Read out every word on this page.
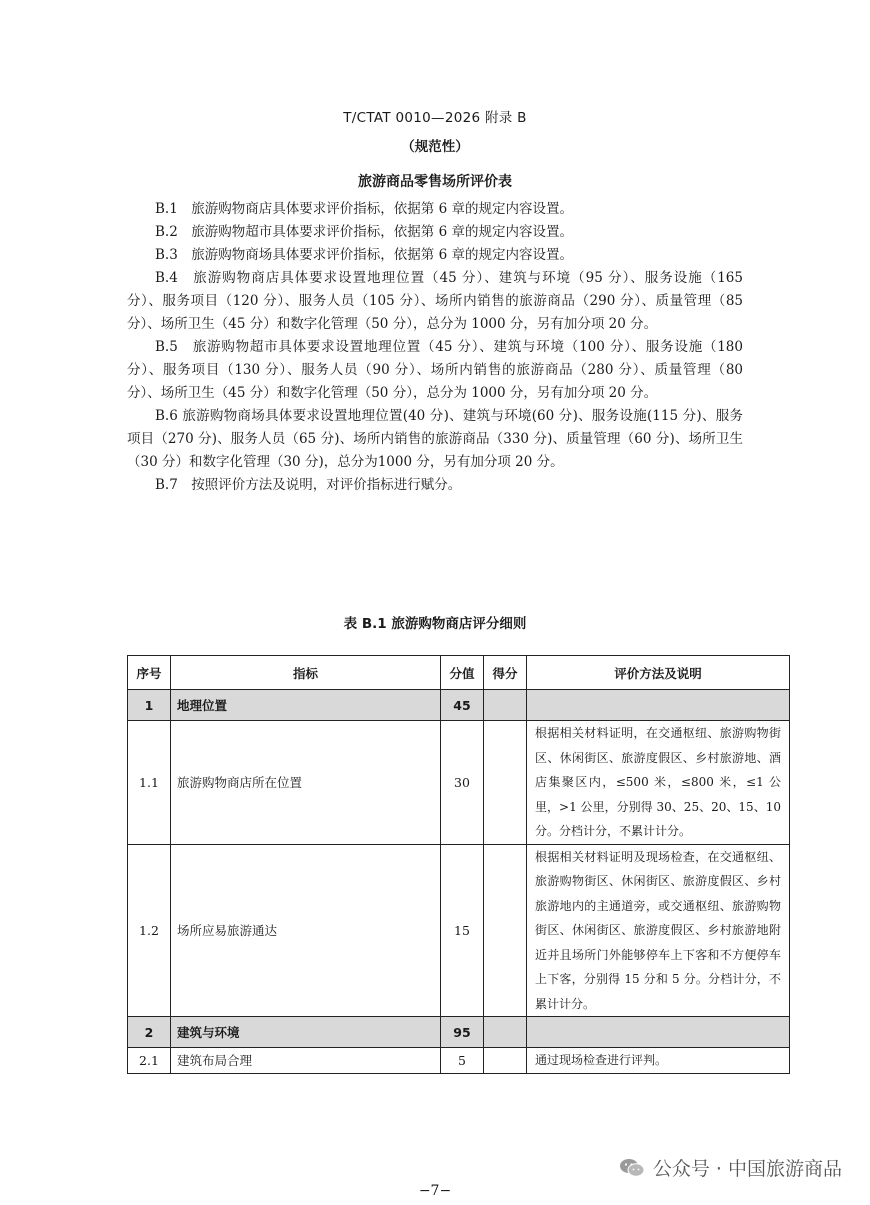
T/CTAT 0010—2026 附录 B
（规范性）
旅游商品零售场所评价表

B.1　旅游购物商店具体要求评价指标，依据第 6 章的规定内容设置。

B.2　旅游购物超市具体要求评价指标，依据第 6 章的规定内容设置。

B.3　旅游购物商场具体要求评价指标，依据第 6 章的规定内容设置。

B.4　旅游购物商店具体要求设置地理位置（45 分）、建筑与环境（95 分）、服务设施（165 分）、服务项目（120 分）、服务人员（105 分）、场所内销售的旅游商品（290 分）、质量管理（85 分）、场所卫生（45 分）和数字化管理（50 分），总分为 1000 分，另有加分项 20 分。

B.5　旅游购物超市具体要求设置地理位置（45 分）、建筑与环境（100 分）、服务设施（180 分）、服务项目（130 分）、服务人员（90 分）、场所内销售的旅游商品（280 分）、质量管理（80 分）、场所卫生（45 分）和数字化管理（50 分），总分为 1000 分，另有加分项 20 分。

B.6 旅游购物商场具体要求设置地理位置(40 分)、建筑与环境(60 分)、服务设施(115 分)、服务项目（270 分)、服务人员（65 分)、场所内销售的旅游商品（330 分)、质量管理（60 分)、场所卫生（30 分）和数字化管理（30 分)，总分为1000 分，另有加分项 20 分。

B.7　按照评价方法及说明，对评价指标进行赋分。

表 B.1 旅游购物商店评分细则
序号	指标	分值	得分	评价方法及说明
1	地理位置	45		
1.1	旅游购物商店所在位置	30		根据相关材料证明，在交通枢纽、旅游购物街区、休闲街区、旅游度假区、乡村旅游地、酒店集聚区内，≤500 米，≤800 米，≤1 公里，>1 公里，分别得 30、25、20、15、10 分。分档计分，不累计计分。
1.2	场所应易旅游通达	15		根据相关材料证明及现场检查，在交通枢纽、旅游购物街区、休闲街区、旅游度假区、乡村旅游地内的主通道旁，或交通枢纽、旅游购物街区、休闲街区、旅游度假区、乡村旅游地附近并且场所门外能够停车上下客和不方便停车上下客，分别得 15 分和 5 分。分档计分，不累计计分。
2	建筑与环境	95		
2.1	建筑布局合理	5		通过现场检查进行评判。
公众号 · 中国旅游商品
−7−
